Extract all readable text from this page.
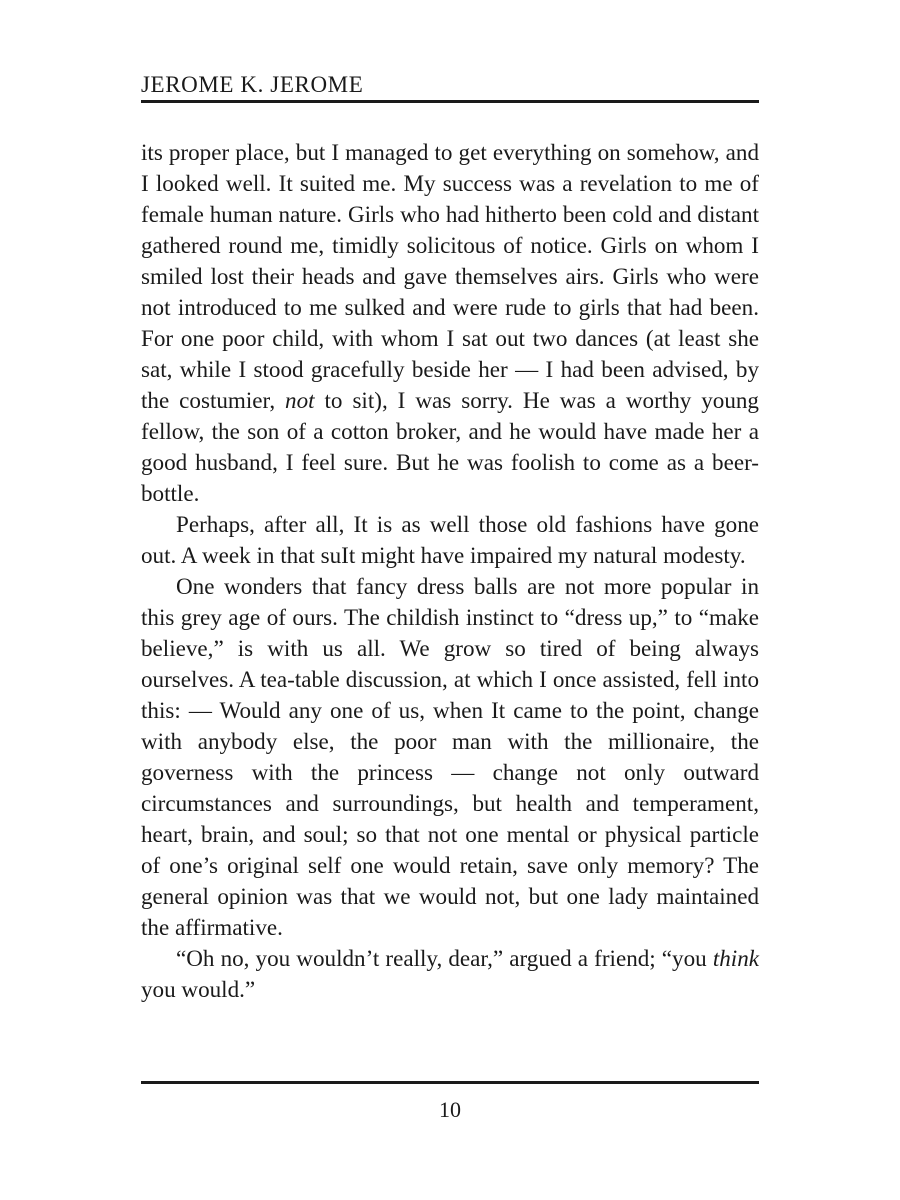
JEROME K. JEROME

its proper place, but I managed to get everything on somehow, and I looked well. It suited me. My success was a revelation to me of female human nature. Girls who had hitherto been cold and distant gathered round me, timidly solicitous of notice. Girls on whom I smiled lost their heads and gave themselves airs. Girls who were not introduced to me sulked and were rude to girls that had been. For one poor child, with whom I sat out two dances (at least she sat, while I stood gracefully beside her — I had been advised, by the costumier, not to sit), I was sorry. He was a worthy young fellow, the son of a cotton broker, and he would have made her a good husband, I feel sure. But he was foolish to come as a beer-bottle.

Perhaps, after all, It is as well those old fashions have gone out. A week in that suIt might have impaired my natural modesty.

One wonders that fancy dress balls are not more popular in this grey age of ours. The childish instinct to “dress up,” to “make believe,” is with us all. We grow so tired of being always ourselves. A tea-table discussion, at which I once assisted, fell into this: — Would any one of us, when It came to the point, change with anybody else, the poor man with the millionaire, the governess with the princess — change not only outward circumstances and surroundings, but health and temperament, heart, brain, and soul; so that not one mental or physical particle of one’s original self one would retain, save only memory? The general opinion was that we would not, but one lady maintained the affirmative.

“Oh no, you wouldn’t really, dear,” argued a friend; “you think you would.”

10
